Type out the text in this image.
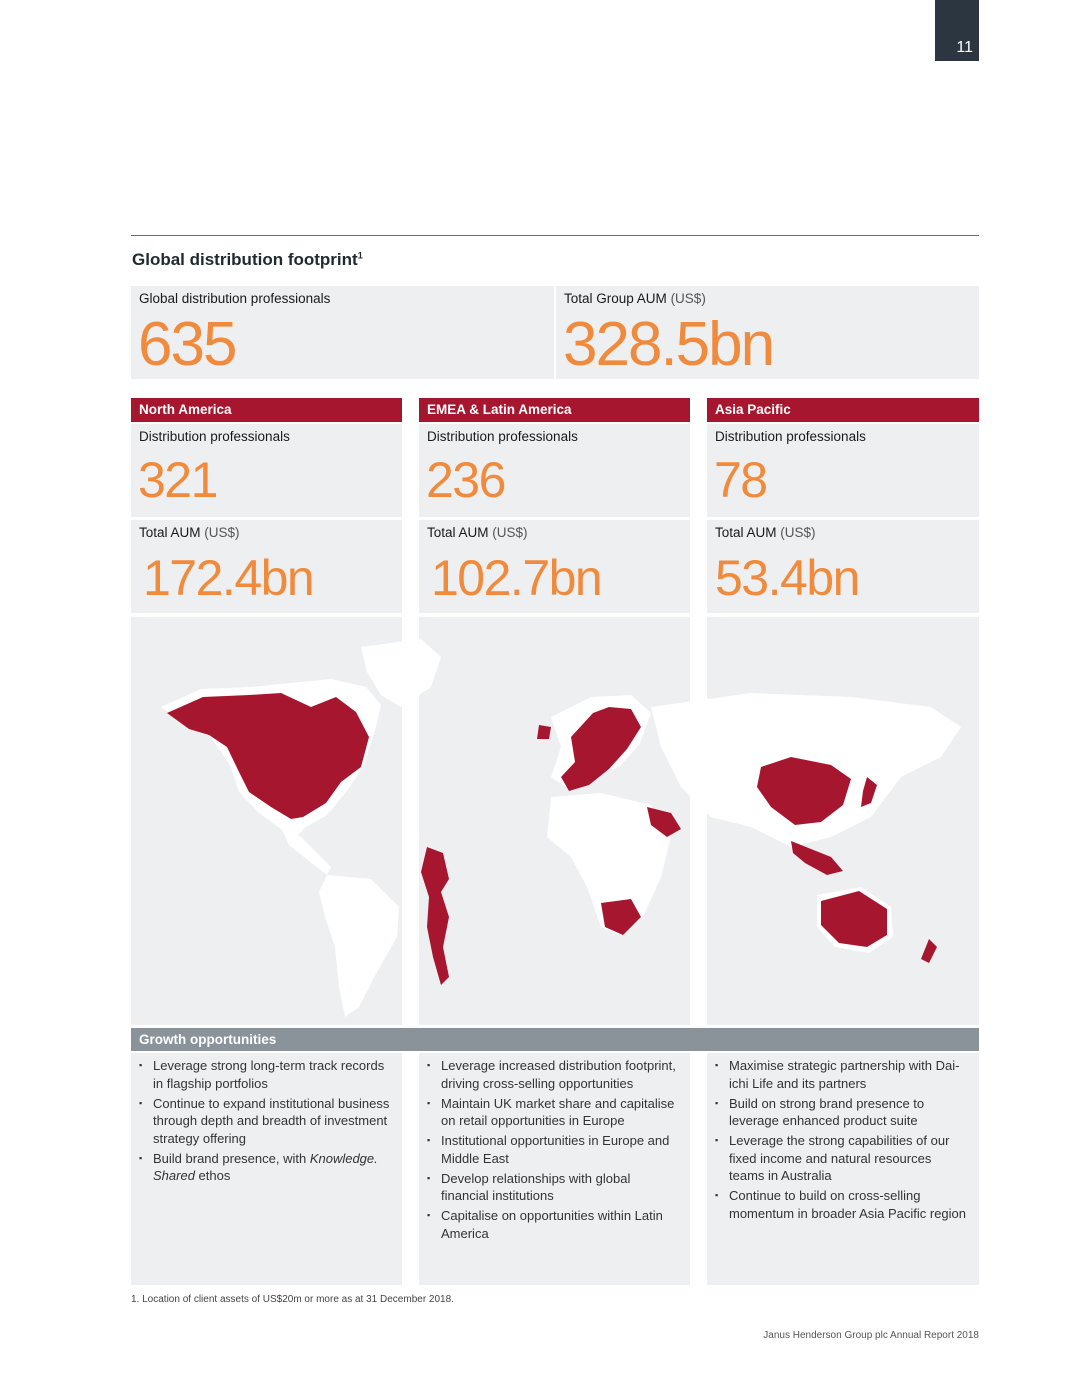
11
Global distribution footprint$^1$
Global distribution professionals
635
Total Group AUM (US$)
328.5bn
North America
Distribution professionals
321
Total AUM (US$)
172.4bn
EMEA & Latin America
Distribution professionals
236
Total AUM (US$)
102.7bn
Asia Pacific
Distribution professionals
78
Total AUM (US$)
53.4bn
Growth opportunities
▪ Leverage strong long-term track records in flagship portfolios
▪ Continue to expand institutional business through depth and breadth of investment strategy offering
▪ Build brand presence, with Knowledge. Shared ethos
▪ Leverage increased distribution footprint, driving cross-selling opportunities
▪ Maintain UK market share and capitalise on retail opportunities in Europe
▪ Institutional opportunities in Europe and Middle East
▪ Develop relationships with global financial institutions
▪ Capitalise on opportunities within Latin America
▪ Maximise strategic partnership with Dai-ichi Life and its partners
▪ Build on strong brand presence to leverage enhanced product suite
▪ Leverage the strong capabilities of our fixed income and natural resources teams in Australia
▪ Continue to build on cross-selling momentum in broader Asia Pacific region
1. Location of client assets of US$20m or more as at 31 December 2018.
Janus Henderson Group plc Annual Report 2018
